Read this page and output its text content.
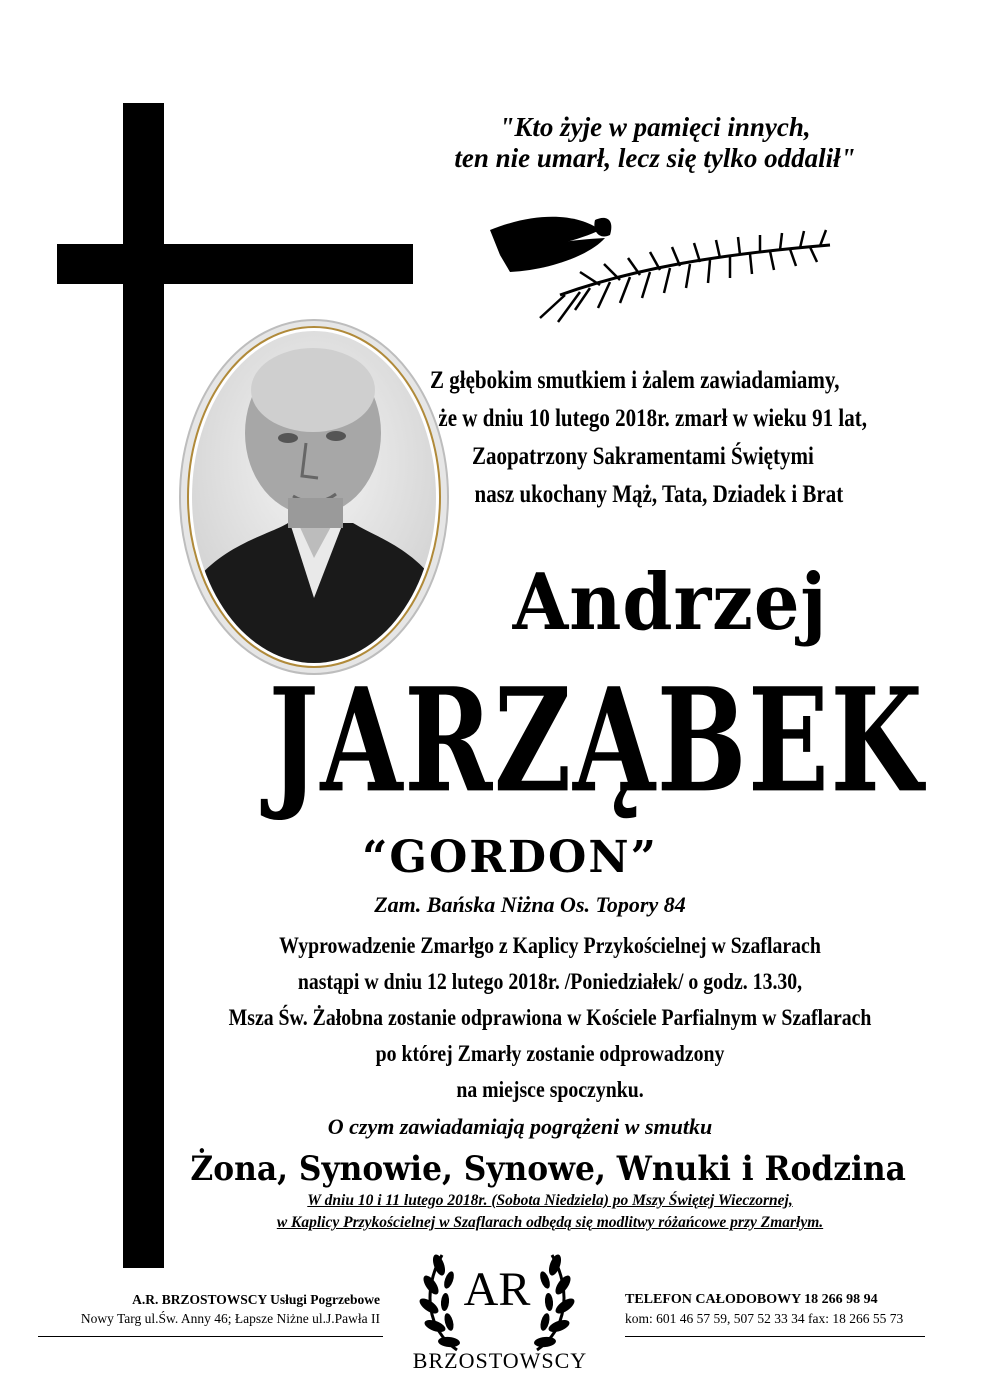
"Kto żyje w pamięci innych,
ten nie umarł, lecz się tylko oddalił"
Z głębokim smutkiem i żalem zawiadamiamy,
że w dniu 10 lutego 2018r. zmarł w wieku 91 lat,
Zaopatrzony Sakramentami Świętymi
nasz ukochany Mąż, Tata, Dziadek i Brat
Andrzej
JARZĄBEK
“GORDON”
Zam. Bańska Niżna Os. Topory 84
Wyprowadzenie Zmarłgo z Kaplicy Przykościelnej w Szaflarach
nastąpi w dniu 12 lutego 2018r. /Poniedziałek/ o godz. 13.30,
Msza Św. Żałobna zostanie odprawiona w Kościele Parfialnym w Szaflarach
po której Zmarły zostanie odprowadzony
na miejsce spoczynku.
O czym zawiadamiają pogrążeni w smutku
Żona, Synowie, Synowe, Wnuki i Rodzina
W dniu 10 i 11 lutego 2018r. (Sobota Niedziela) po Mszy Świętej Wieczornej,
w Kaplicy Przykościelnej w Szaflarach odbędą się modlitwy różańcowe przy Zmarłym.
A.R. BRZOSTOWSCY Usługi Pogrzebowe
Nowy Targ ul.Św. Anny 46; Łapsze Niżne ul.J.Pawła II
AR
BRZOSTOWSCY
TELEFON CAŁODOBOWY 18 266 98 94
kom: 601 46 57 59, 507 52 33 34 fax: 18 266 55 73
